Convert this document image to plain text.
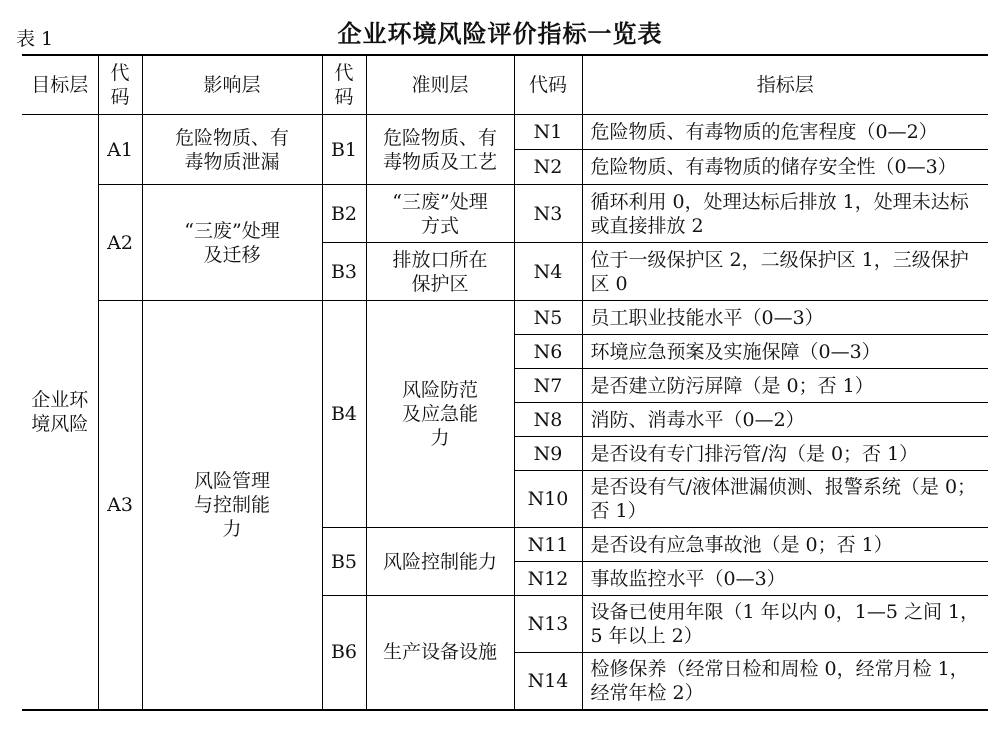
表 1	企业环境风险评价指标一览表
目标层	代码	影响层	代码	准则层	代码	指标层

企业环境风险	A1	危险物质、有毒物质泄漏	B1	危险物质、有毒物质及工艺	N1	危险物质、有毒物质的危害程度（0—2）
					N2	危险物质、有毒物质的储存安全性（0—3）
	A2	“三废”处理及迁移	B2	“三废”处理方式	N3	循环利用 0，处理达标后排放 1，处理未达标或直接排放 2
			B3	排放口所在保护区	N4	位于一级保护区 2，二级保护区 1，三级保护区 0
	A3	风险管理与控制能力	B4	风险防范及应急能力	N5	员工职业技能水平（0—3）
					N6	环境应急预案及实施保障（0—3）
					N7	是否建立防污屏障（是 0；否 1）
					N8	消防、消毒水平（0—2）
					N9	是否设有专门排污管/沟（是 0；否 1）
					N10	是否设有气/液体泄漏侦测、报警系统（是 0；否 1）
			B5	风险控制能力	N11	是否设有应急事故池（是 0；否 1）
					N12	事故监控水平（0—3）
			B6	生产设备设施	N13	设备已使用年限（1 年以内 0，1—5 之间 1，5 年以上 2）
					N14	检修保养（经常日检和周检 0，经常月检 1，经常年检 2）
